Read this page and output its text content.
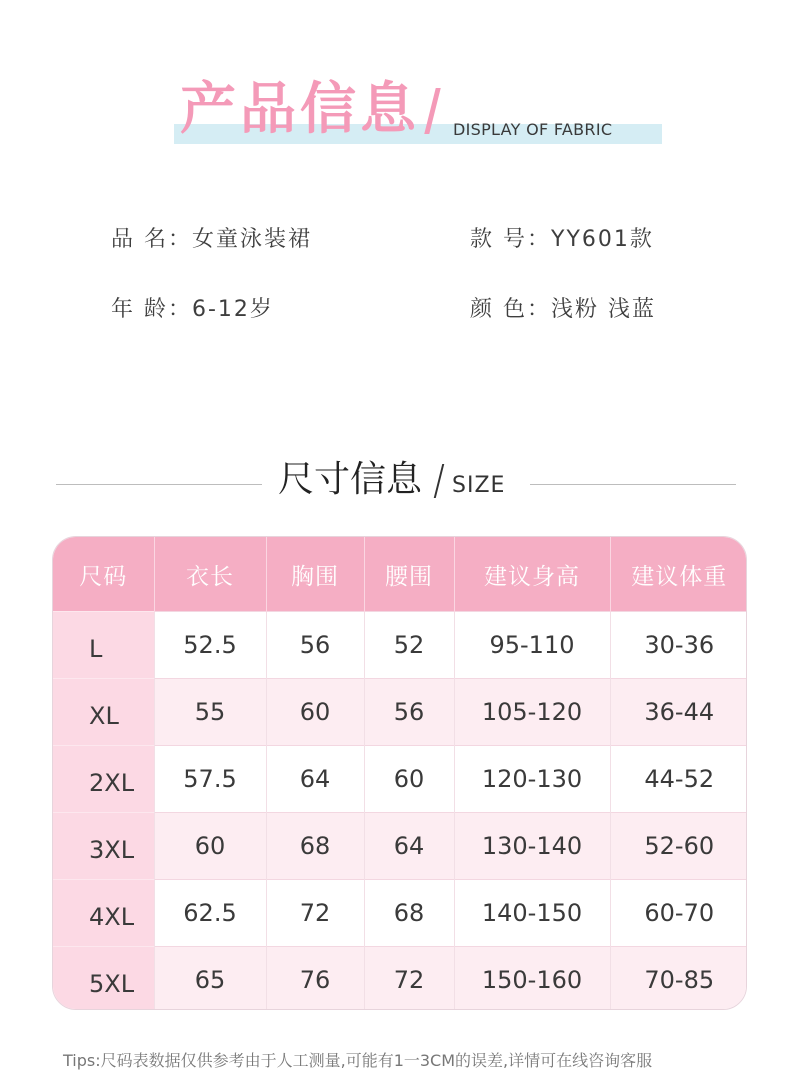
产品信息 DISPLAY OF FABRIC
品 名：女童泳装裙	款 号：YY601款
年 龄：6-12岁	颜 色：浅粉 浅蓝
尺寸信息 SIZE
尺码	衣长	胸围	腰围	建议身高	建议体重
L	52.5	56	52	95-110	30-36
XL	55	60	56	105-120	36-44
2XL	57.5	64	60	120-130	44-52
3XL	60	68	64	130-140	52-60
4XL	62.5	72	68	140-150	60-70
5XL	65	76	72	150-160	70-85
Tips:尺码表数据仅供参考由于人工测量,可能有1一3CM的误差,详情可在线咨询客服
